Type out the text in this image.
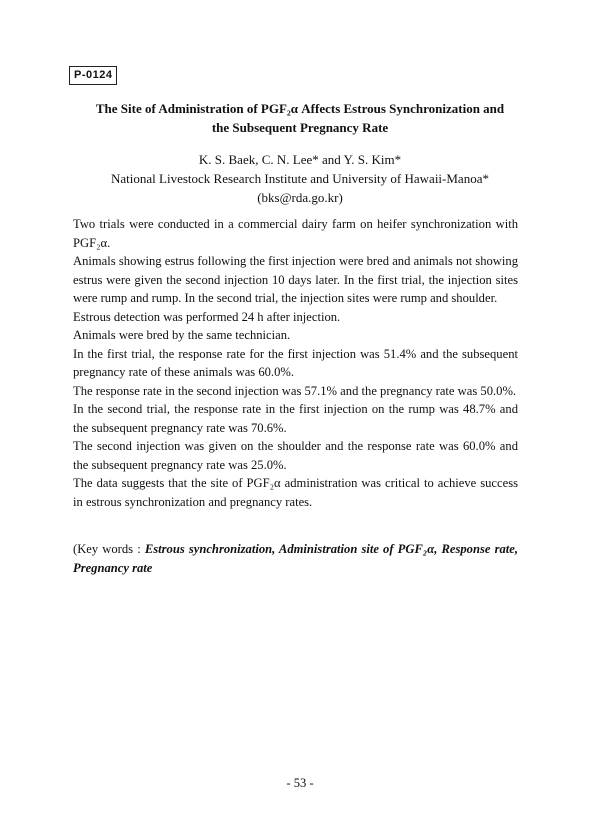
P-0124
The Site of Administration of PGF₂α Affects Estrous Synchronization and
the Subsequent Pregnancy Rate
K. S. Baek, C. N. Lee* and Y. S. Kim*
National Livestock Research Institute and University of Hawaii-Manoa*
(bks@rda.go.kr)

Two trials were conducted in a commercial dairy farm on heifer synchronization with PGF₂α.

Animals showing estrus following the first injection were bred and animals not showing estrus were given the second injection 10 days later. In the first trial, the injection sites were rump and rump. In the second trial, the injection sites were rump and shoulder.

Estrous detection was performed 24 h after injection.

Animals were bred by the same technician.

In the first trial, the response rate for the first injection was 51.4% and the subsequent pregnancy rate of these animals was 60.0%.

The response rate in the second injection was 57.1% and the pregnancy rate was 50.0%.

In the second trial, the response rate in the first injection on the rump was 48.7% and the subsequent pregnancy rate was 70.6%.

The second injection was given on the shoulder and the response rate was 60.0% and the subsequent pregnancy rate was 25.0%.

The data suggests that the site of PGF₂α administration was critical to achieve success in estrous synchronization and pregnancy rates.

(Key words : Estrous synchronization, Administration site of PGF₂α, Response rate, Pregnancy rate
- 53 -
